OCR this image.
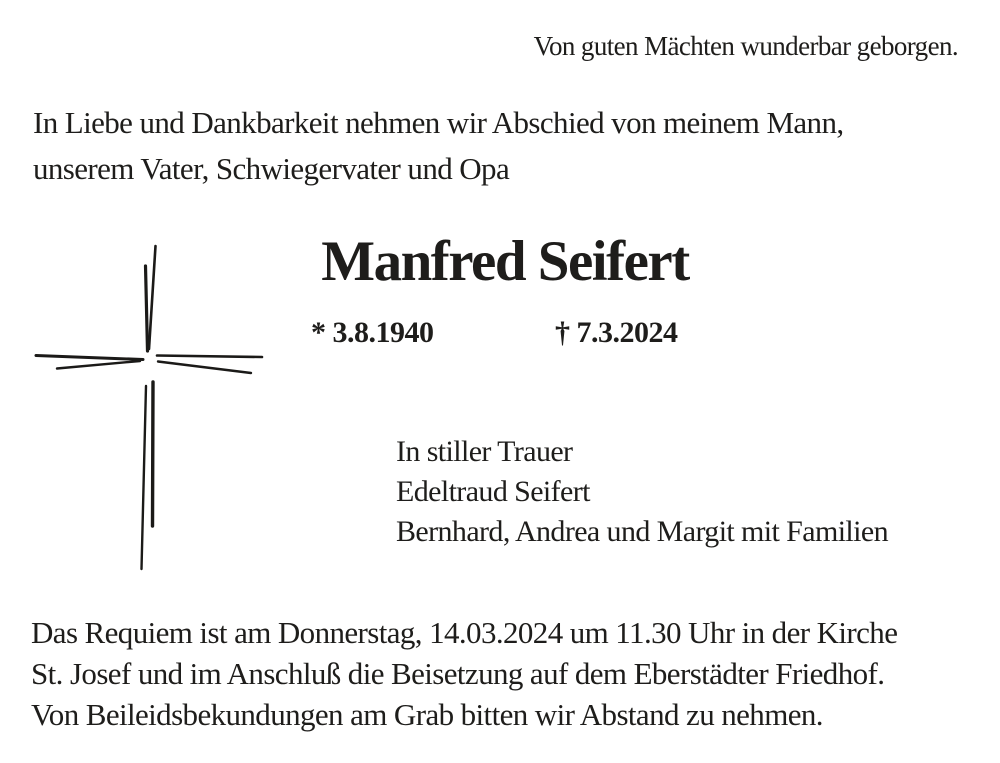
Von guten Mächten wunderbar geborgen.
In Liebe und Dankbarkeit nehmen wir Abschied von meinem Mann,
unserem Vater, Schwiegervater und Opa
Manfred Seifert
* 3.8.1940	† 7.3.2024
In stiller Trauer
Edeltraud Seifert
Bernhard, Andrea und Margit mit Familien
Das Requiem ist am Donnerstag, 14.03.2024 um 11.30 Uhr in der Kirche
St. Josef und im Anschluß die Beisetzung auf dem Eberstädter Friedhof.
Von Beileidsbekundungen am Grab bitten wir Abstand zu nehmen.
